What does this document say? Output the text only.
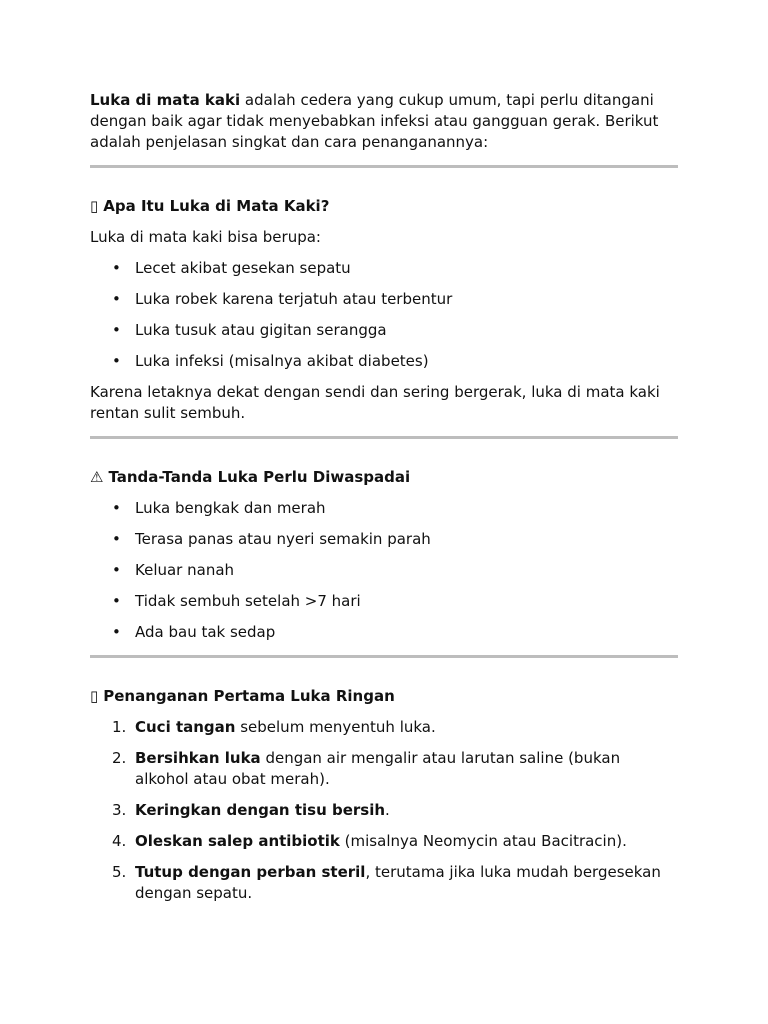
Luka di mata kaki adalah cedera yang cukup umum, tapi perlu ditangani dengan baik agar tidak menyebabkan infeksi atau gangguan gerak. Berikut adalah penjelasan singkat dan cara penanganannya:

▯ Apa Itu Luka di Mata Kaki?

Luka di mata kaki bisa berupa:

• Lecet akibat gesekan sepatu
• Luka robek karena terjatuh atau terbentur
• Luka tusuk atau gigitan serangga
• Luka infeksi (misalnya akibat diabetes)

Karena letaknya dekat dengan sendi dan sering bergerak, luka di mata kaki rentan sulit sembuh.

⚠ Tanda-Tanda Luka Perlu Diwaspadai
• Luka bengkak dan merah
• Terasa panas atau nyeri semakin parah
• Keluar nanah
• Tidak sembuh setelah >7 hari
• Ada bau tak sedap
▯ Penanganan Pertama Luka Ringan
1. Cuci tangan sebelum menyentuh luka.
2. Bersihkan luka dengan air mengalir atau larutan saline (bukan alkohol atau obat merah).
3. Keringkan dengan tisu bersih.
4. Oleskan salep antibiotik (misalnya Neomycin atau Bacitracin).
5. Tutup dengan perban steril, terutama jika luka mudah bergesekan dengan sepatu.
